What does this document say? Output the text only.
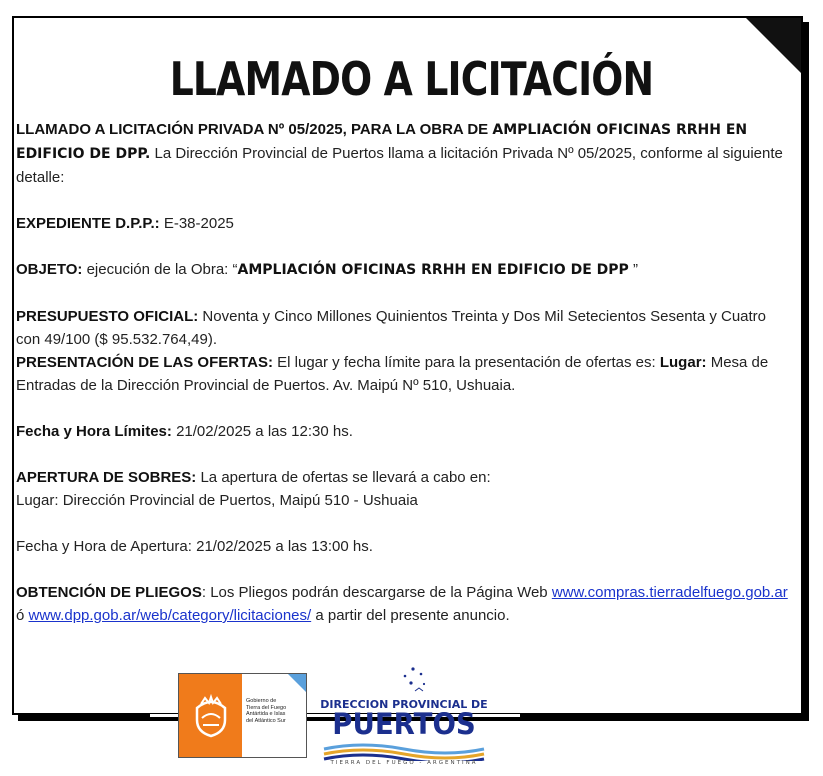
LLAMADO A LICITACIÓN

LLAMADO A LICITACIÓN PRIVADA Nº 05/2025, PARA LA OBRA DE AMPLIACIÓN OFICINAS RRHH EN EDIFICIO DE DPP. La Dirección Provincial de Puertos llama a licitación Privada Nº 05/2025, conforme al siguiente detalle:

EXPEDIENTE D.P.P.: E-38-2025

OBJETO: ejecución de la Obra: “AMPLIACIÓN OFICINAS RRHH EN EDIFICIO DE DPP ”

PRESUPUESTO OFICIAL: Noventa y Cinco Millones Quinientos Treinta y Dos Mil Setecientos Sesenta y Cuatro con 49/100 ($ 95.532.764,49).

PRESENTACIÓN DE LAS OFERTAS: El lugar y fecha límite para la presentación de ofertas es: Lugar: Mesa de Entradas de la Dirección Provincial de Puertos. Av. Maipú Nº 510, Ushuaia.

Fecha y Hora Límites: 21/02/2025 a las 12:30 hs.

APERTURA DE SOBRES: La apertura de ofertas se llevará a cabo en:

Lugar: Dirección Provincial de Puertos, Maipú 510 - Ushuaia

Fecha y Hora de Apertura: 21/02/2025 a las 13:00 hs.

OBTENCIÓN DE PLIEGOS: Los Pliegos podrán descargarse de la Página Web www.compras.tierradelfuego.gob.ar ó www.dpp.gob.ar/web/category/licitaciones/ a partir del presente anuncio.

Gobierno de
Tierra del Fuego
Antártida e Islas
del Atlántico Sur
DIRECCION PROVINCIAL DE
PUERTOS
TIERRA DEL FUEGO - ARGENTINA
